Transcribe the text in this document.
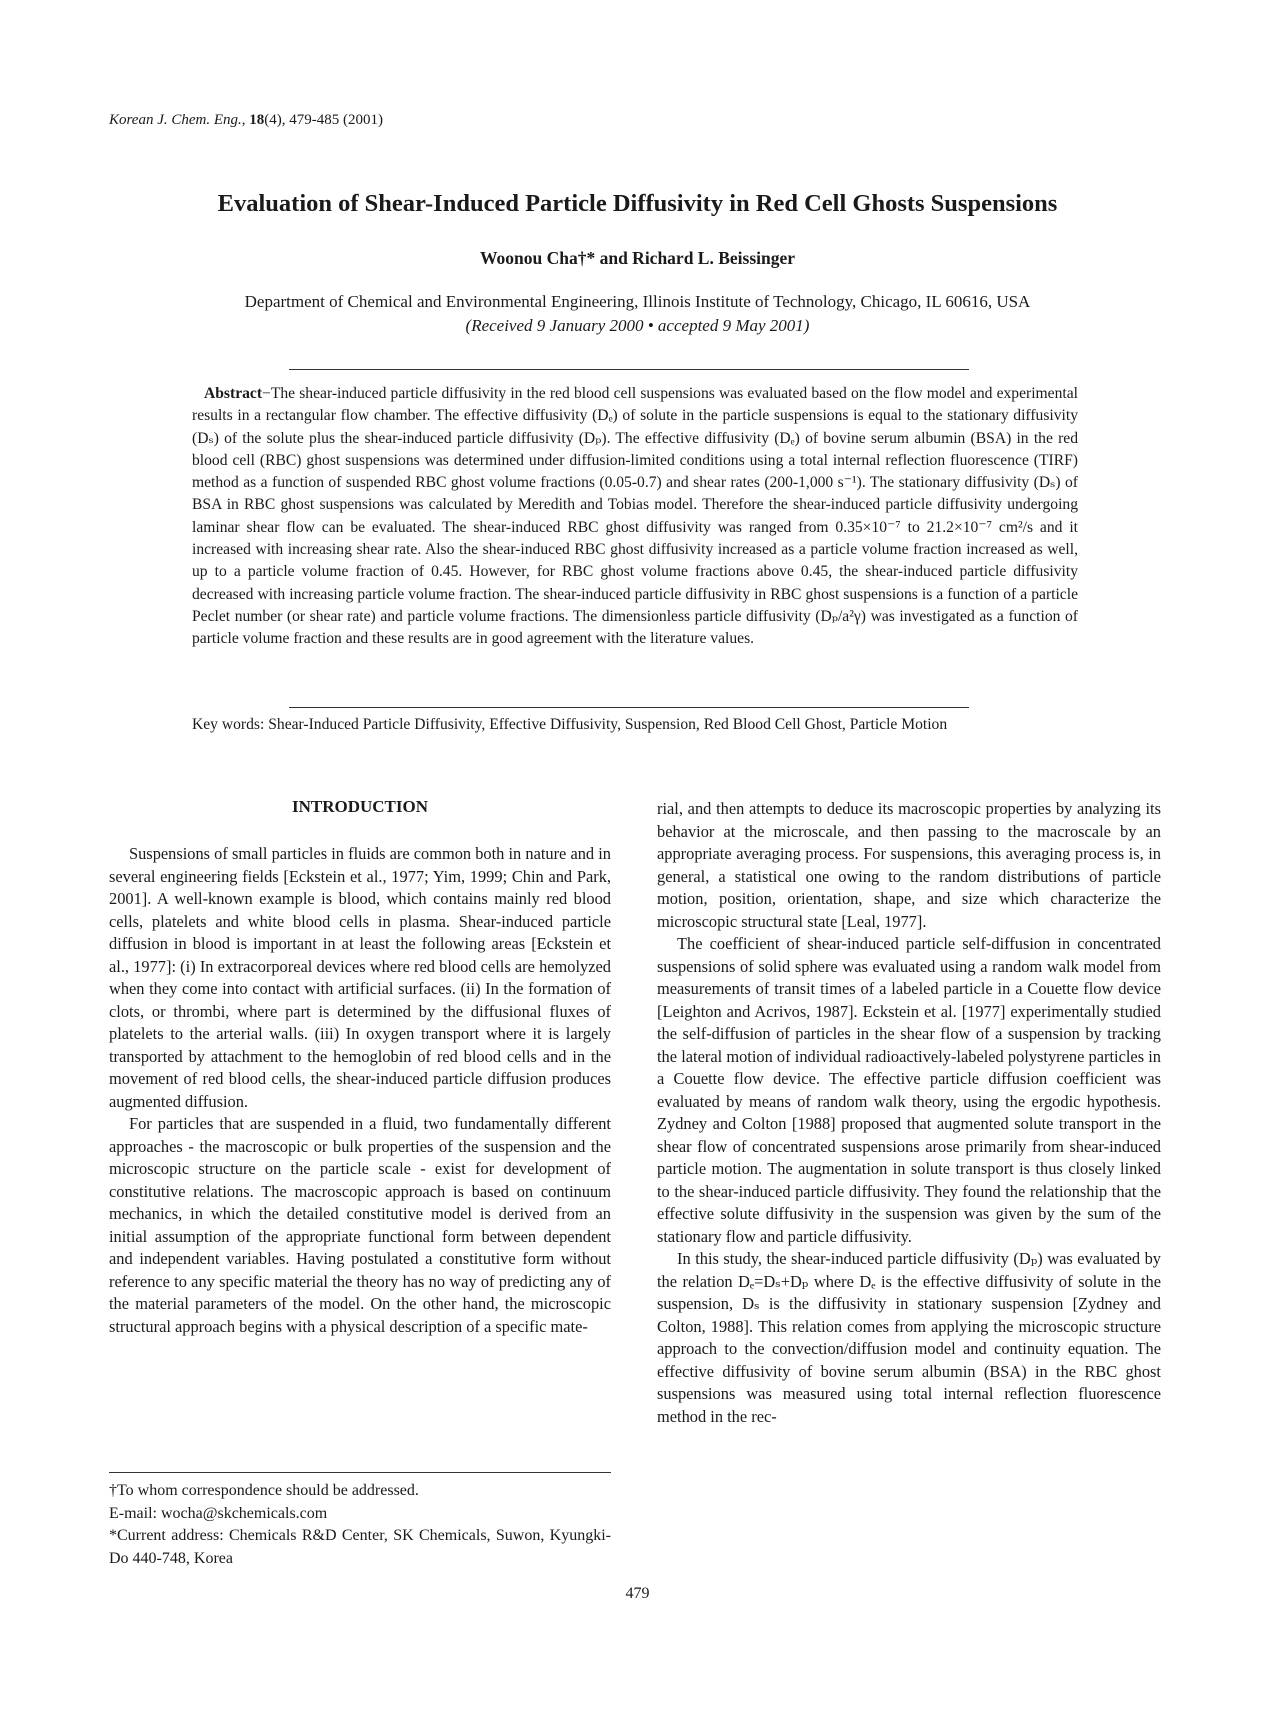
Korean J. Chem. Eng., 18(4), 479-485 (2001)
Evaluation of Shear-Induced Particle Diffusivity in Red Cell Ghosts Suspensions
Woonou Cha†* and Richard L. Beissinger
Department of Chemical and Environmental Engineering, Illinois Institute of Technology, Chicago, IL 60616, USA
(Received 9 January 2000 • accepted 9 May 2001)

Abstract−The shear-induced particle diffusivity in the red blood cell suspensions was evaluated based on the flow model and experimental results in a rectangular flow chamber. The effective diffusivity (Dₑ) of solute in the particle suspensions is equal to the stationary diffusivity (Dₛ) of the solute plus the shear-induced particle diffusivity (Dₚ). The effective diffusivity (Dₑ) of bovine serum albumin (BSA) in the red blood cell (RBC) ghost suspensions was determined under diffusion-limited conditions using a total internal reflection fluorescence (TIRF) method as a function of suspended RBC ghost volume fractions (0.05-0.7) and shear rates (200-1,000 s⁻¹). The stationary diffusivity (Dₛ) of BSA in RBC ghost suspensions was calculated by Meredith and Tobias model. Therefore the shear-induced particle diffusivity undergoing laminar shear flow can be evaluated. The shear-induced RBC ghost diffusivity was ranged from 0.35×10⁻⁷ to 21.2×10⁻⁷ cm²/s and it increased with increasing shear rate. Also the shear-induced RBC ghost diffusivity increased as a particle volume fraction increased as well, up to a particle volume fraction of 0.45. However, for RBC ghost volume fractions above 0.45, the shear-induced particle diffusivity decreased with increasing particle volume fraction. The shear-induced particle diffusivity in RBC ghost suspensions is a function of a particle Peclet number (or shear rate) and particle volume fractions. The dimensionless particle diffusivity (Dₚ/a²γ) was investigated as a function of particle volume fraction and these results are in good agreement with the literature values.

Key words: Shear-Induced Particle Diffusivity, Effective Diffusivity, Suspension, Red Blood Cell Ghost, Particle Motion
INTRODUCTION

Suspensions of small particles in fluids are common both in nature and in several engineering fields [Eckstein et al., 1977; Yim, 1999; Chin and Park, 2001]. A well-known example is blood, which contains mainly red blood cells, platelets and white blood cells in plasma. Shear-induced particle diffusion in blood is important in at least the following areas [Eckstein et al., 1977]: (i) In extracorporeal devices where red blood cells are hemolyzed when they come into contact with artificial surfaces. (ii) In the formation of clots, or thrombi, where part is determined by the diffusional fluxes of platelets to the arterial walls. (iii) In oxygen transport where it is largely transported by attachment to the hemoglobin of red blood cells and in the movement of red blood cells, the shear-induced particle diffusion produces augmented diffusion.

For particles that are suspended in a fluid, two fundamentally different approaches - the macroscopic or bulk properties of the suspension and the microscopic structure on the particle scale - exist for development of constitutive relations. The macroscopic approach is based on continuum mechanics, in which the detailed constitutive model is derived from an initial assumption of the appropriate functional form between dependent and independent variables. Having postulated a constitutive form without reference to any specific material the theory has no way of predicting any of the material parameters of the model. On the other hand, the microscopic structural approach begins with a physical description of a specific mate-

rial, and then attempts to deduce its macroscopic properties by analyzing its behavior at the microscale, and then passing to the macroscale by an appropriate averaging process. For suspensions, this averaging process is, in general, a statistical one owing to the random distributions of particle motion, position, orientation, shape, and size which characterize the microscopic structural state [Leal, 1977].

The coefficient of shear-induced particle self-diffusion in concentrated suspensions of solid sphere was evaluated using a random walk model from measurements of transit times of a labeled particle in a Couette flow device [Leighton and Acrivos, 1987]. Eckstein et al. [1977] experimentally studied the self-diffusion of particles in the shear flow of a suspension by tracking the lateral motion of individual radioactively-labeled polystyrene particles in a Couette flow device. The effective particle diffusion coefficient was evaluated by means of random walk theory, using the ergodic hypothesis. Zydney and Colton [1988] proposed that augmented solute transport in the shear flow of concentrated suspensions arose primarily from shear-induced particle motion. The augmentation in solute transport is thus closely linked to the shear-induced particle diffusivity. They found the relationship that the effective solute diffusivity in the suspension was given by the sum of the stationary flow and particle diffusivity.

In this study, the shear-induced particle diffusivity (Dₚ) was evaluated by the relation Dₑ=Dₛ+Dₚ where Dₑ is the effective diffusivity of solute in the suspension, Dₛ is the diffusivity in stationary suspension [Zydney and Colton, 1988]. This relation comes from applying the microscopic structure approach to the convection/diffusion model and continuity equation. The effective diffusivity of bovine serum albumin (BSA) in the RBC ghost suspensions was measured using total internal reflection fluorescence method in the rec-

†To whom correspondence should be addressed.

E-mail: wocha@skchemicals.com

*Current address: Chemicals R&D Center, SK Chemicals, Suwon, Kyungki-Do 440-748, Korea

479
